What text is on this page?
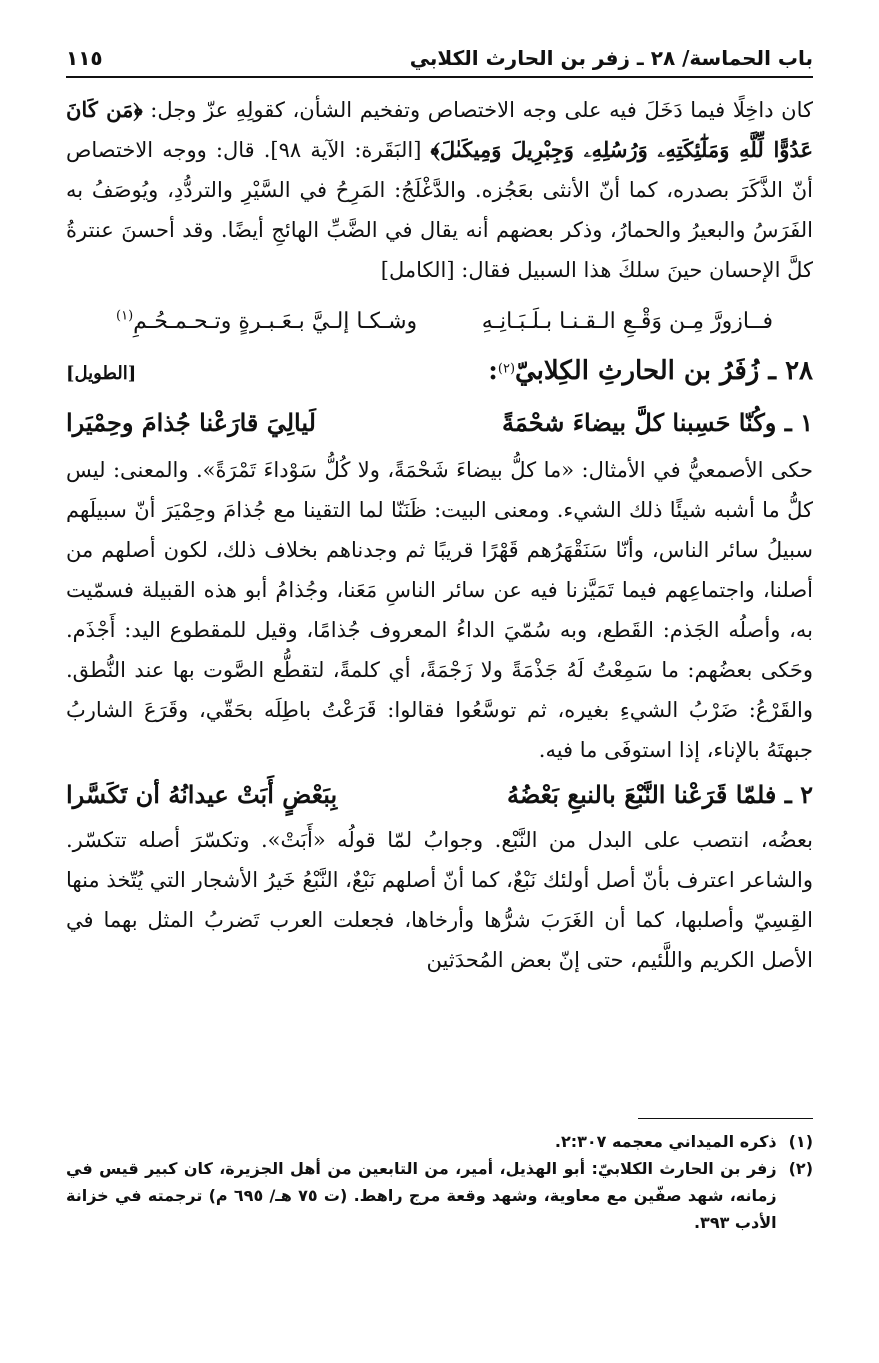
باب الحماسة/ ٢٨ ـ زفر بن الحارث الكلابي
١١٥

كان داخِلًا فيما دَخَلَ فيه على وجه الاختصاص وتفخيم الشأن، كقولِهِ عزّ وجل: ﴿مَن كَانَ عَدُوًّا لِّلَّهِ وَمَلَٰٓئِكَتِهِۦ وَرُسُلِهِۦ وَجِبْرِيلَ وَمِيكَىٰلَ﴾ [البَقَرة: الآية ٩٨]. قال: ووجه الاختصاص أنّ الذَّكَرَ بصدره، كما أنّ الأنثى بعَجُزه. والدَّغْلَجُ: المَرِحُ في السَّيْرِ والتردُّدِ، ويُوصَفُ به الفَرَسُ والبعيرُ والحمارُ، وذكر بعضهم أنه يقال في الضَّبِّ الهائجِ أيضًا. وقد أحسنَ عنترةُ كلَّ الإحسان حينَ سلكَ هذا السبيل فقال: [الكامل]

فــازورَّ مِـن وَقْـعِ الـقـنـا بـلَـبَـانِـهِ
وشـكـا إلـيَّ بـعَـبـرةٍ وتـحـمـحُـمِ$^{(١)}$
٢٨ ـ زُفَرُ بن الحارثِ الكِلابيّ$^{(٢)}$:
[الطويل]
١ ـ وكُنّا حَسِبنا كلَّ بيضاءَ شحْمَةً
لَيالِيَ قارَعْنا جُذامَ وحِمْيَرا

حكى الأصمعيُّ في الأمثال: «ما كلُّ بيضاءَ شَحْمَةً، ولا كُلُّ سَوْداءَ تَمْرَةً». والمعنى: ليس كلُّ ما أشبه شيئًا ذلك الشيء. ومعنى البيت: ظَنَنّا لما التقينا مع جُذامَ وحِمْيَرَ أنّ سبيلَهم سبيلُ سائر الناس، وأنّا سَنَقْهَرُهم قَهْرًا قريبًا ثم وجدناهم بخلاف ذلك، لكون أصلهم من أصلنا، واجتماعِهم فيما تَمَيَّزنا فيه عن سائر الناسِ مَعَنا، وجُذامُ أبو هذه القبيلة فسمّيت به، وأصلُه الجَذم: القَطع، وبه سُمّيَ الداءُ المعروف جُذامًا، وقيل للمقطوع اليد: أَجْذَم. وحَكى بعضُهم: ما سَمِعْتُ لَهُ جَذْمَةً ولا زَجْمَةً، أي كلمةً، لتقطُّع الصَّوت بها عند النُّطق. والقَرْعُ: ضَرْبُ الشيءِ بغيره، ثم توسَّعُوا فقالوا: قَرَعْتُ باطِلَه بحَقّي، وقَرَعَ الشاربُ جبهتَهُ بالإناء، إذا استوفَى ما فيه.

٢ ـ فلمّا قَرَعْنا النَّبْعَ بالنبعِ بَعْضُهُ
بِبَعْضٍ أَبَتْ عيدانُهُ أن تَكَسَّرا

بعضُه، انتصب على البدل من النَّبْع. وجوابُ لمّا قولُه «أَبَتْ». وتكسّرَ أصله تتكسّر. والشاعر اعترف بأنّ أصل أولئك نَبْعٌ، كما أنّ أصلهم نَبْعٌ، النَّبْعُ خَيرُ الأشجار التي يُتّخذ منها القِسِيّ وأصلبها، كما أن الغَرَبَ شرُّها وأرخاها، فجعلت العرب تَضربُ المثل بهما في الأصل الكريم واللَّئيم، حتى إنّ بعض المُحدَثين

(١)
ذكره الميداني معجمه ٢:٣٠٧.
(٢)
زفر بن الحارث الكلابيّ: أبو الهذيل، أمير، من التابعين من أهل الجزيرة، كان كبير قيس في زمانه، شهد صفّين مع معاوية، وشهد وقعة مرج راهط. (ت ٧٥ هـ/ ٦٩٥ م) ترجمته في خزانة الأدب ٣٩٣.
